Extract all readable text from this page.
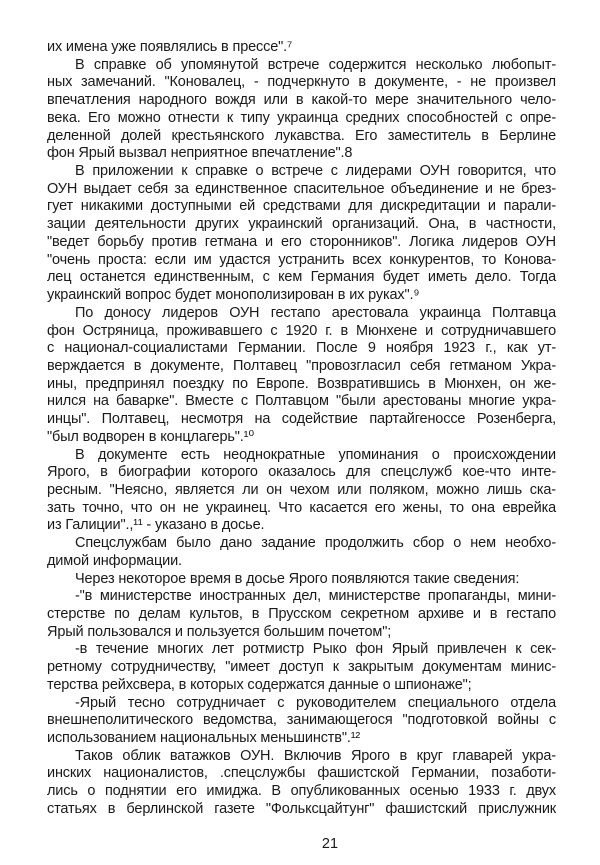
их имена уже появлялись в прессе".⁷
В справке об упомянутой встрече содержится несколько любопыт-
ных замечаний. "Коновалец, - подчеркнуто в документе, - не произвел
впечатления народного вождя или в какой-то мере значительного чело-
века. Его можно отнести к типу украинца средних способностей с опре-
деленной долей крестьянского лукавства. Его заместитель в Берлине
фон Ярый вызвал неприятное впечатление".8
В приложении к справке о встрече с лидерами ОУН говорится, что
ОУН выдает себя за единственное спасительное объединение и не брез-
гует никакими доступными ей средствами для дискредитации и парали-
зации деятельности других украинский организаций. Она, в частности,
"ведет борьбу против гетмана и его сторонников". Логика лидеров ОУН
"очень проста: если им удастся устранить всех конкурентов, то Конова-
лец останется единственным, с кем Германия будет иметь дело. Тогда
украинский вопрос будет монополизирован в их руках".⁹
По доносу лидеров ОУН гестапо арестовала украинца Полтавца
фон Остряница, проживавшего с 1920 г. в Мюнхене и сотрудничавшего
с национал-социалистами Германии. После 9 ноября 1923 г., как ут-
верждается в документе, Полтавец "провозгласил себя гетманом Укра-
ины, предпринял поездку по Европе. Возвратившись в Мюнхен, он же-
нился на баварке". Вместе с Полтавцом "были арестованы многие укра-
инцы". Полтавец, несмотря на содействие партайгеноссе Розенберга,
"был водворен в концлагерь".¹⁰
В документе есть неоднократные упоминания о происхождении
Ярого, в биографии которого оказалось для спецслужб кое-что инте-
ресным. "Неясно, является ли он чехом или поляком, можно лишь ска-
зать точно, что он не украинец. Что касается его жены, то она еврейка
из Галиции".,¹¹ - указано в досье.
Спецслужбам было дано задание продолжить сбор о нем необхо-
димой информации.
Через некоторое время в досье Ярого появляются такие сведения:
-"в министерстве иностранных дел, министерстве пропаганды, мини-
стерстве по делам культов, в Прусском секретном архиве и в гестапо
Ярый пользовался и пользуется большим почетом";
-в течение многих лет ротмистр Рыко фон Ярый привлечен к сек-
ретному сотрудничеству, "имеет доступ к закрытым документам минис-
терства рейхсвера, в которых содержатся данные о шпионаже";
-Ярый тесно сотрудничает с руководителем специального отдела
внешнеполитического ведомства, занимающегося "подготовкой войны с
использованием национальных меньшинств".¹²
Таков облик ватажков ОУН. Включив Ярого в круг главарей укра-
инских националистов, .спецслужбы фашистской Германии, позаботи-
лись о поднятии его имиджа. В опубликованных осенью 1933 г. двух
статьях в берлинской газете "Фольксцайтунг" фашистский прислужник
21
